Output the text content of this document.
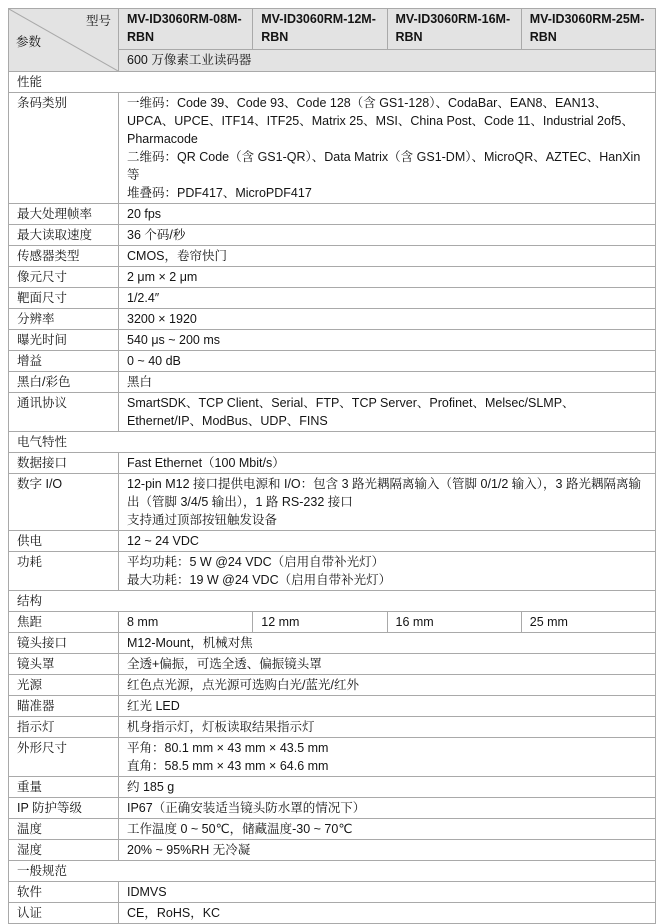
型号
参数	MV-ID3060RM-08M-RBN	MV-ID3060RM-12M-RBN	MV-ID3060RM-16M-RBN	MV-ID3060RM-25M-RBN
	600 万像素工业读码器			
性能				
条码类别	一维码：Code 39、Code 93、Code 128（含 GS1-128）、CodaBar、EAN8、EAN13、UPCA、UPCE、ITF14、ITF25、Matrix 25、MSI、China Post、Code 11、Industrial 2of5、Pharmacode
二维码：QR Code（含 GS1-QR）、Data Matrix（含 GS1-DM）、MicroQR、AZTEC、HanXin 等
堆叠码：PDF417、MicroPDF417			

最大处理帧率	20 fps			

最大读取速度	36 个码/秒			

传感器类型	CMOS，卷帘快门			

像元尺寸	2 μm × 2 μm			

靶面尺寸	1/2.4″			

分辨率	3200 × 1920			

曝光时间	540 μs ~ 200 ms			

增益	0 ~ 40 dB			

黑白/彩色	黑白			

通讯协议	SmartSDK、TCP Client、Serial、FTP、TCP Server、Profinet、Melsec/SLMP、Ethernet/IP、ModBus、UDP、FINS			

电气特性				
数据接口	Fast Ethernet（100 Mbit/s）			

数字 I/O	12-pin M12 接口提供电源和 I/O：包含 3 路光耦隔离输入（管脚 0/1/2 输入），3 路光耦隔离输出（管脚 3/4/5 输出），1 路 RS-232 接口
支持通过顶部按钮触发设备			

供电	12 ~ 24 VDC			

功耗	平均功耗：5 W @24 VDC（启用自带补光灯）
最大功耗：19 W @24 VDC（启用自带补光灯）			

结构				
焦距	8 mm	12 mm	16 mm	25 mm
镜头接口	M12-Mount，机械对焦			

镜头罩	全透+偏振，可选全透、偏振镜头罩			

光源	红色点光源，点光源可选购白光/蓝光/红外			

瞄准器	红光 LED			

指示灯	机身指示灯，灯板读取结果指示灯			

外形尺寸	平角：80.1 mm × 43 mm × 43.5 mm
直角：58.5 mm × 43 mm × 64.6 mm			

重量	约 185 g			

IP 防护等级	IP67（正确安装适当镜头防水罩的情况下）			

温度	工作温度 0 ~ 50℃，储藏温度-30 ~ 70℃			

湿度	20% ~ 95%RH 无冷凝			

一般规范				
软件	IDMVS			

认证	CE，RoHS，KC			
